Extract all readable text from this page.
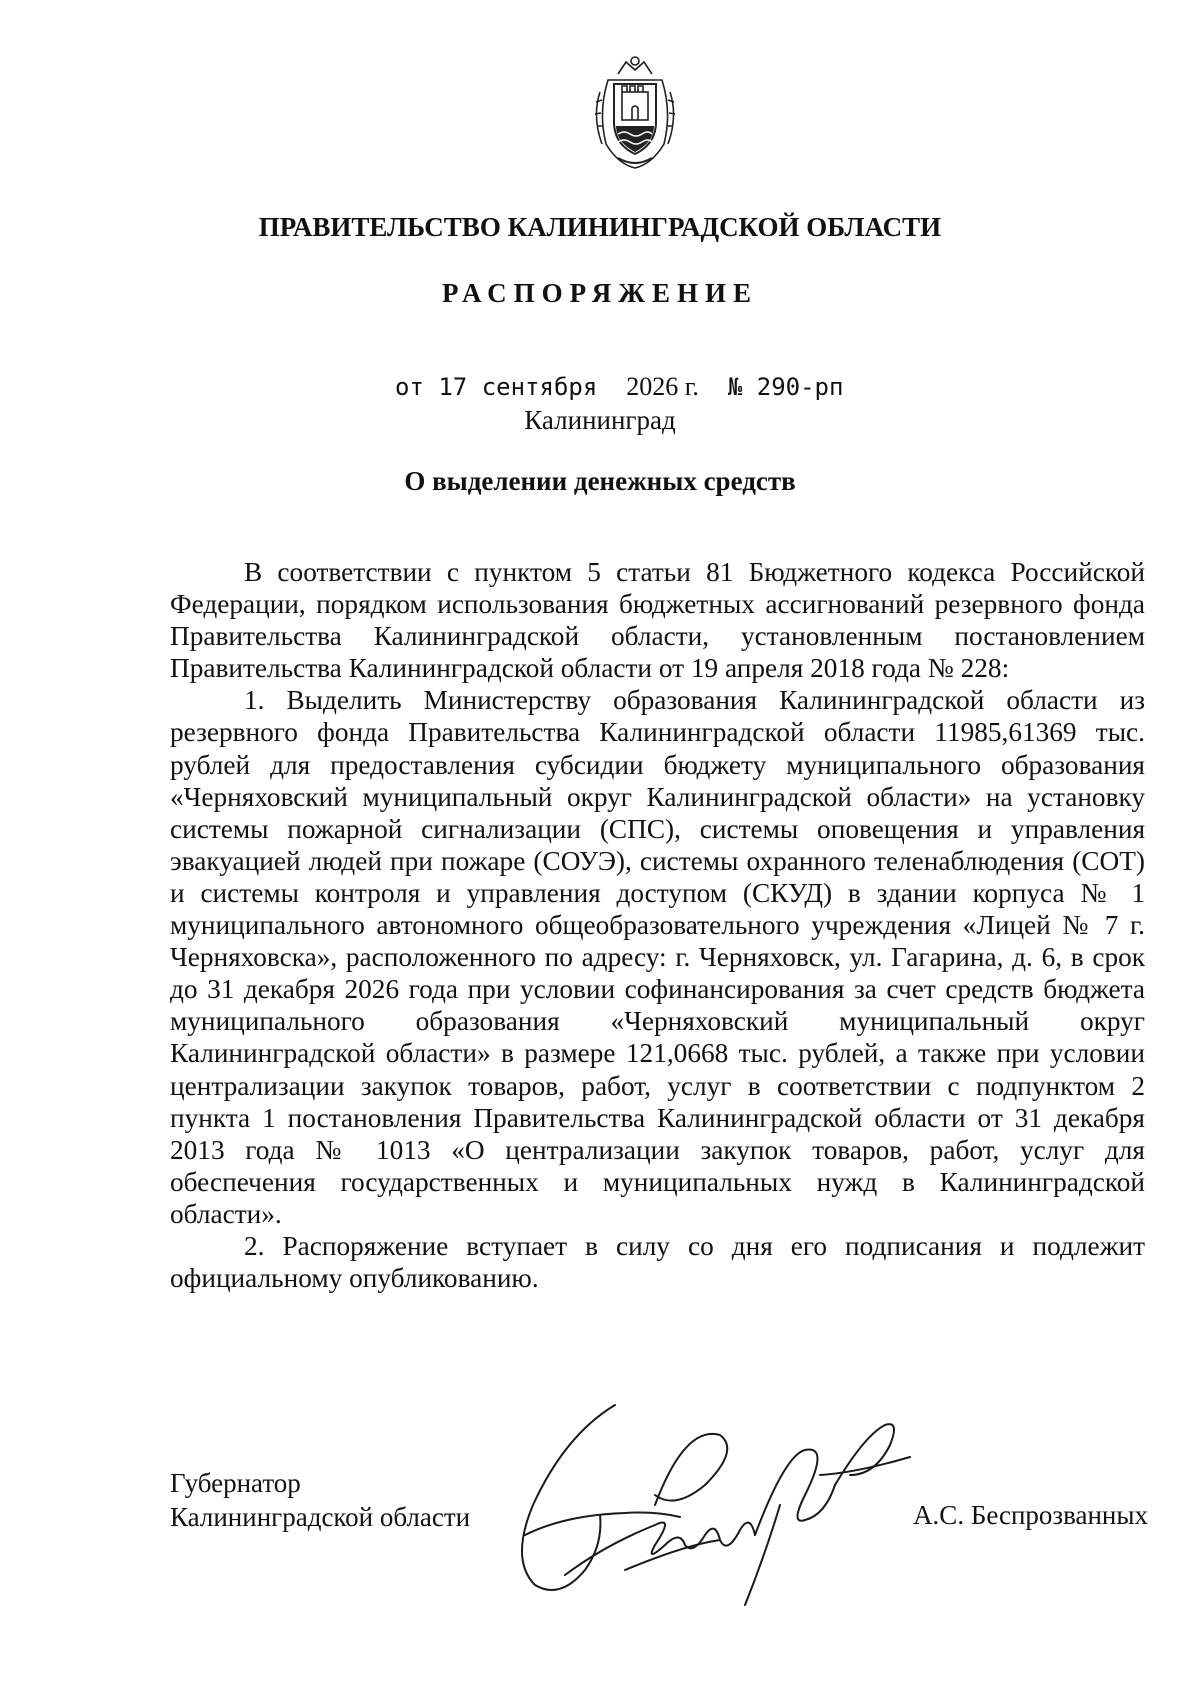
ПРАВИТЕЛЬСТВО КАЛИНИНГРАДСКОЙ ОБЛАСТИ
РАСПОРЯЖЕНИЕ
от 17 сентября 2026 г. № 290-рп
Калининград
О выделении денежных средств

В соответствии с пунктом 5 статьи 81 Бюджетного кодекса Российской Федерации, порядком использования бюджетных ассигнований резервного фонда Правительства Калининградской области, установленным постановлением Правительства Калининградской области от 19 апреля 2018 года № 228:

1. Выделить Министерству образования Калининградской области из резервного фонда Правительства Калининградской области 11985,61369 тыс. рублей для предоставления субсидии бюджету муниципального образования «Черняховский муниципальный округ Калининградской области» на установку системы пожарной сигнализации (СПС), системы оповещения и управления эвакуацией людей при пожаре (СОУЭ), системы охранного теленаблюдения (СОТ) и системы контроля и управления доступом (СКУД) в здании корпуса № 1 муниципального автономного общеобразовательного учреждения «Лицей № 7 г. Черняховска», расположенного по адресу: г. Черняховск, ул. Гагарина, д. 6, в срок до 31 декабря 2026 года при условии софинансирования за счет средств бюджета муниципального образования «Черняховский муниципальный округ Калининградской области» в размере 121,0668 тыс. рублей, а также при условии централизации закупок товаров, работ, услуг в соответствии с подпунктом 2 пункта 1 постановления Правительства Калининградской области от 31 декабря 2013 года № 1013 «О централизации закупок товаров, работ, услуг для обеспечения государственных и муниципальных нужд в Калининградской области».

2. Распоряжение вступает в силу со дня его подписания и подлежит официальному опубликованию.

Губернатор
Калининградской области	А.С. Беспрозванных
